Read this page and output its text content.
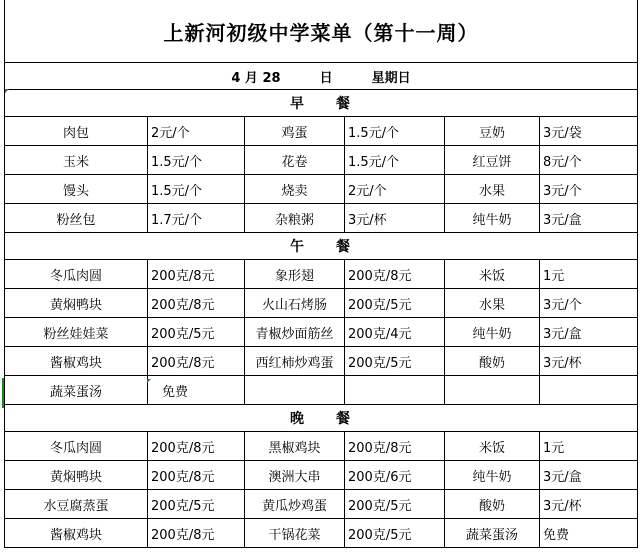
上新河初级中学菜单（第十一周）
4 月 28 日 星期日					
早 餐					
肉包	2元/个	鸡蛋	1.5元/个	豆奶	3元/袋
玉米	1.5元/个	花卷	1.5元/个	红豆饼	8元/个
馒头	1.5元/个	烧卖	2元/个	水果	3元/个
粉丝包	1.7元/个	杂粮粥	3元/杯	纯牛奶	3元/盒
午 餐					
冬瓜肉圆	200克/8元	象形翅	200克/8元	米饭	1元
黄焖鸭块	200克/8元	火山石烤肠	200克/5元	水果	3元/个
粉丝娃娃菜	200克/5元	青椒炒面筋丝	200克/4元	纯牛奶	3元/盒
酱椒鸡块	200克/8元	西红柿炒鸡蛋	200克/5元	酸奶	3元/杯
蔬菜蛋汤	免费				
晚 餐					
冬瓜肉圆	200克/8元	黑椒鸡块	200克/8元	米饭	1元
黄焖鸭块	200克/8元	澳洲大串	200克/6元	纯牛奶	3元/盒
水豆腐蒸蛋	200克/5元	黄瓜炒鸡蛋	200克/5元	酸奶	3元/杯
酱椒鸡块	200克/8元	干锅花菜	200克/5元	蔬菜蛋汤	免费
